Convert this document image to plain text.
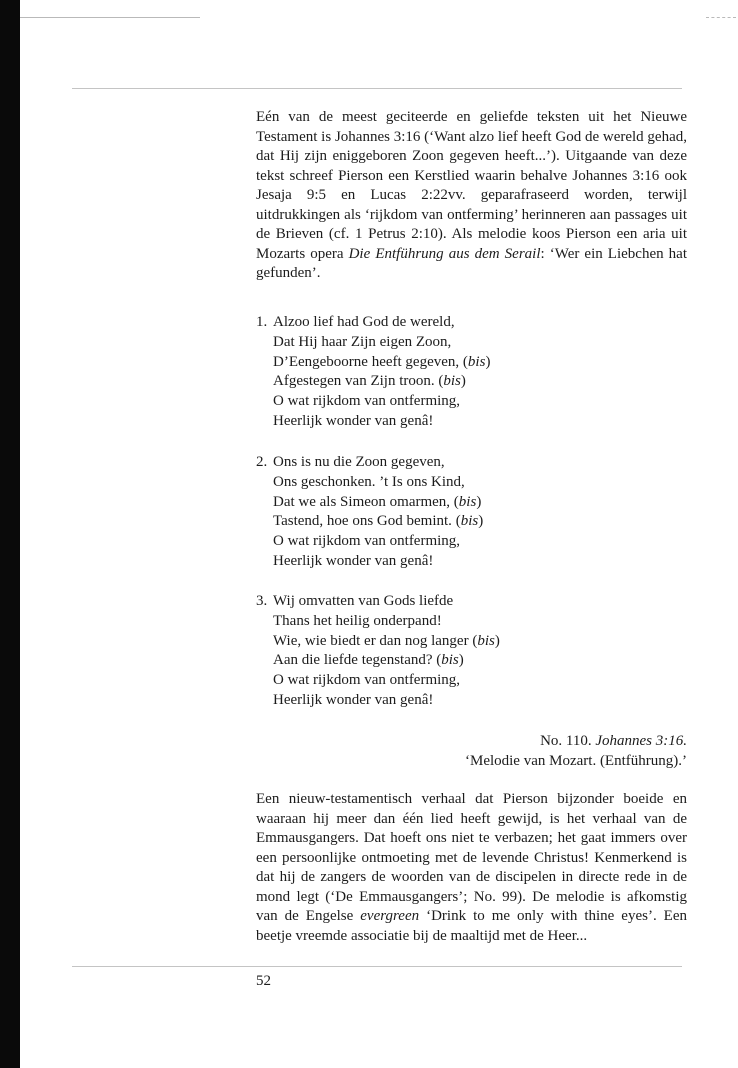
Eén van de meest geciteerde en geliefde teksten uit het Nieuwe Testament is Johannes 3:16 (‘Want alzo lief heeft God de wereld gehad, dat Hij zijn eniggeboren Zoon gegeven heeft...’). Uitgaande van deze tekst schreef Pierson een Kerstlied waarin behalve Johannes 3:16 ook Jesaja 9:5 en Lucas 2:22vv. geparafraseerd worden, terwijl uitdrukkingen als ‘rijkdom van ontferming’ herinneren aan passages uit de Brieven (cf. 1 Petrus 2:10). Als melodie koos Pierson een aria uit Mozarts opera Die Entführung aus dem Serail: ‘Wer ein Liebchen hat gefunden’.
1. Alzoo lief had God de wereld,
Dat Hij haar Zijn eigen Zoon,
D’Eengeboorne heeft gegeven, (bis)
Afgestegen van Zijn troon. (bis)
O wat rijkdom van ontferming,
Heerlijk wonder van genâ!
2. Ons is nu die Zoon gegeven,
Ons geschonken. ’t Is ons Kind,
Dat we als Simeon omarmen, (bis)
Tastend, hoe ons God bemint. (bis)
O wat rijkdom van ontferming,
Heerlijk wonder van genâ!
3. Wij omvatten van Gods liefde
Thans het heilig onderpand!
Wie, wie biedt er dan nog langer (bis)
Aan die liefde tegenstand? (bis)
O wat rijkdom van ontferming,
Heerlijk wonder van genâ!
No. 110. Johannes 3:16.
‘Melodie van Mozart. (Entführung).’
Een nieuw-testamentisch verhaal dat Pierson bijzonder boeide en waaraan hij meer dan één lied heeft gewijd, is het verhaal van de Emmausgangers. Dat hoeft ons niet te verbazen; het gaat immers over een persoonlijke ontmoeting met de levende Christus! Kenmerkend is dat hij de zangers de woorden van de discipelen in directe rede in de mond legt (‘De Emmausgangers’; No. 99). De melodie is afkomstig van de Engelse evergreen ‘Drink to me only with thine eyes’. Een beetje vreemde associatie bij de maaltijd met de Heer...
52
